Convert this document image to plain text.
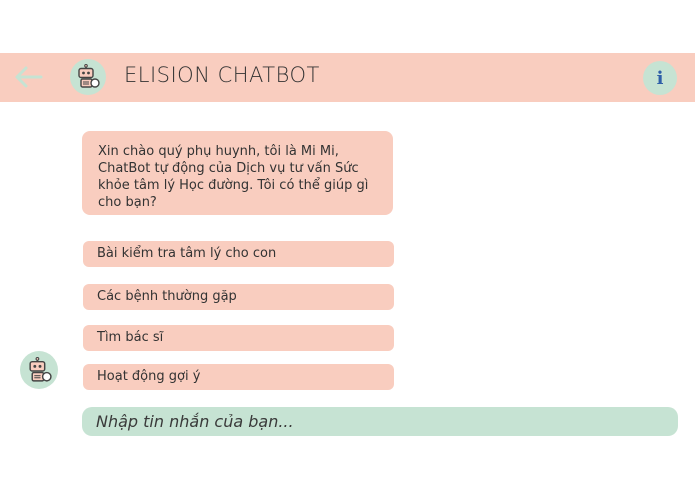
ELISION CHATBOT	i
Xin chào quý phụ huynh, tôi là Mi Mi, ChatBot tự động của Dịch vụ tư vấn Sức khỏe tâm lý Học đường. Tôi có thể giúp gì cho bạn?
Bài kiểm tra tâm lý cho con
Các bệnh thường gặp
Tìm bác sĩ
Hoạt động gợi ý
Nhập tin nhắn của bạn...
